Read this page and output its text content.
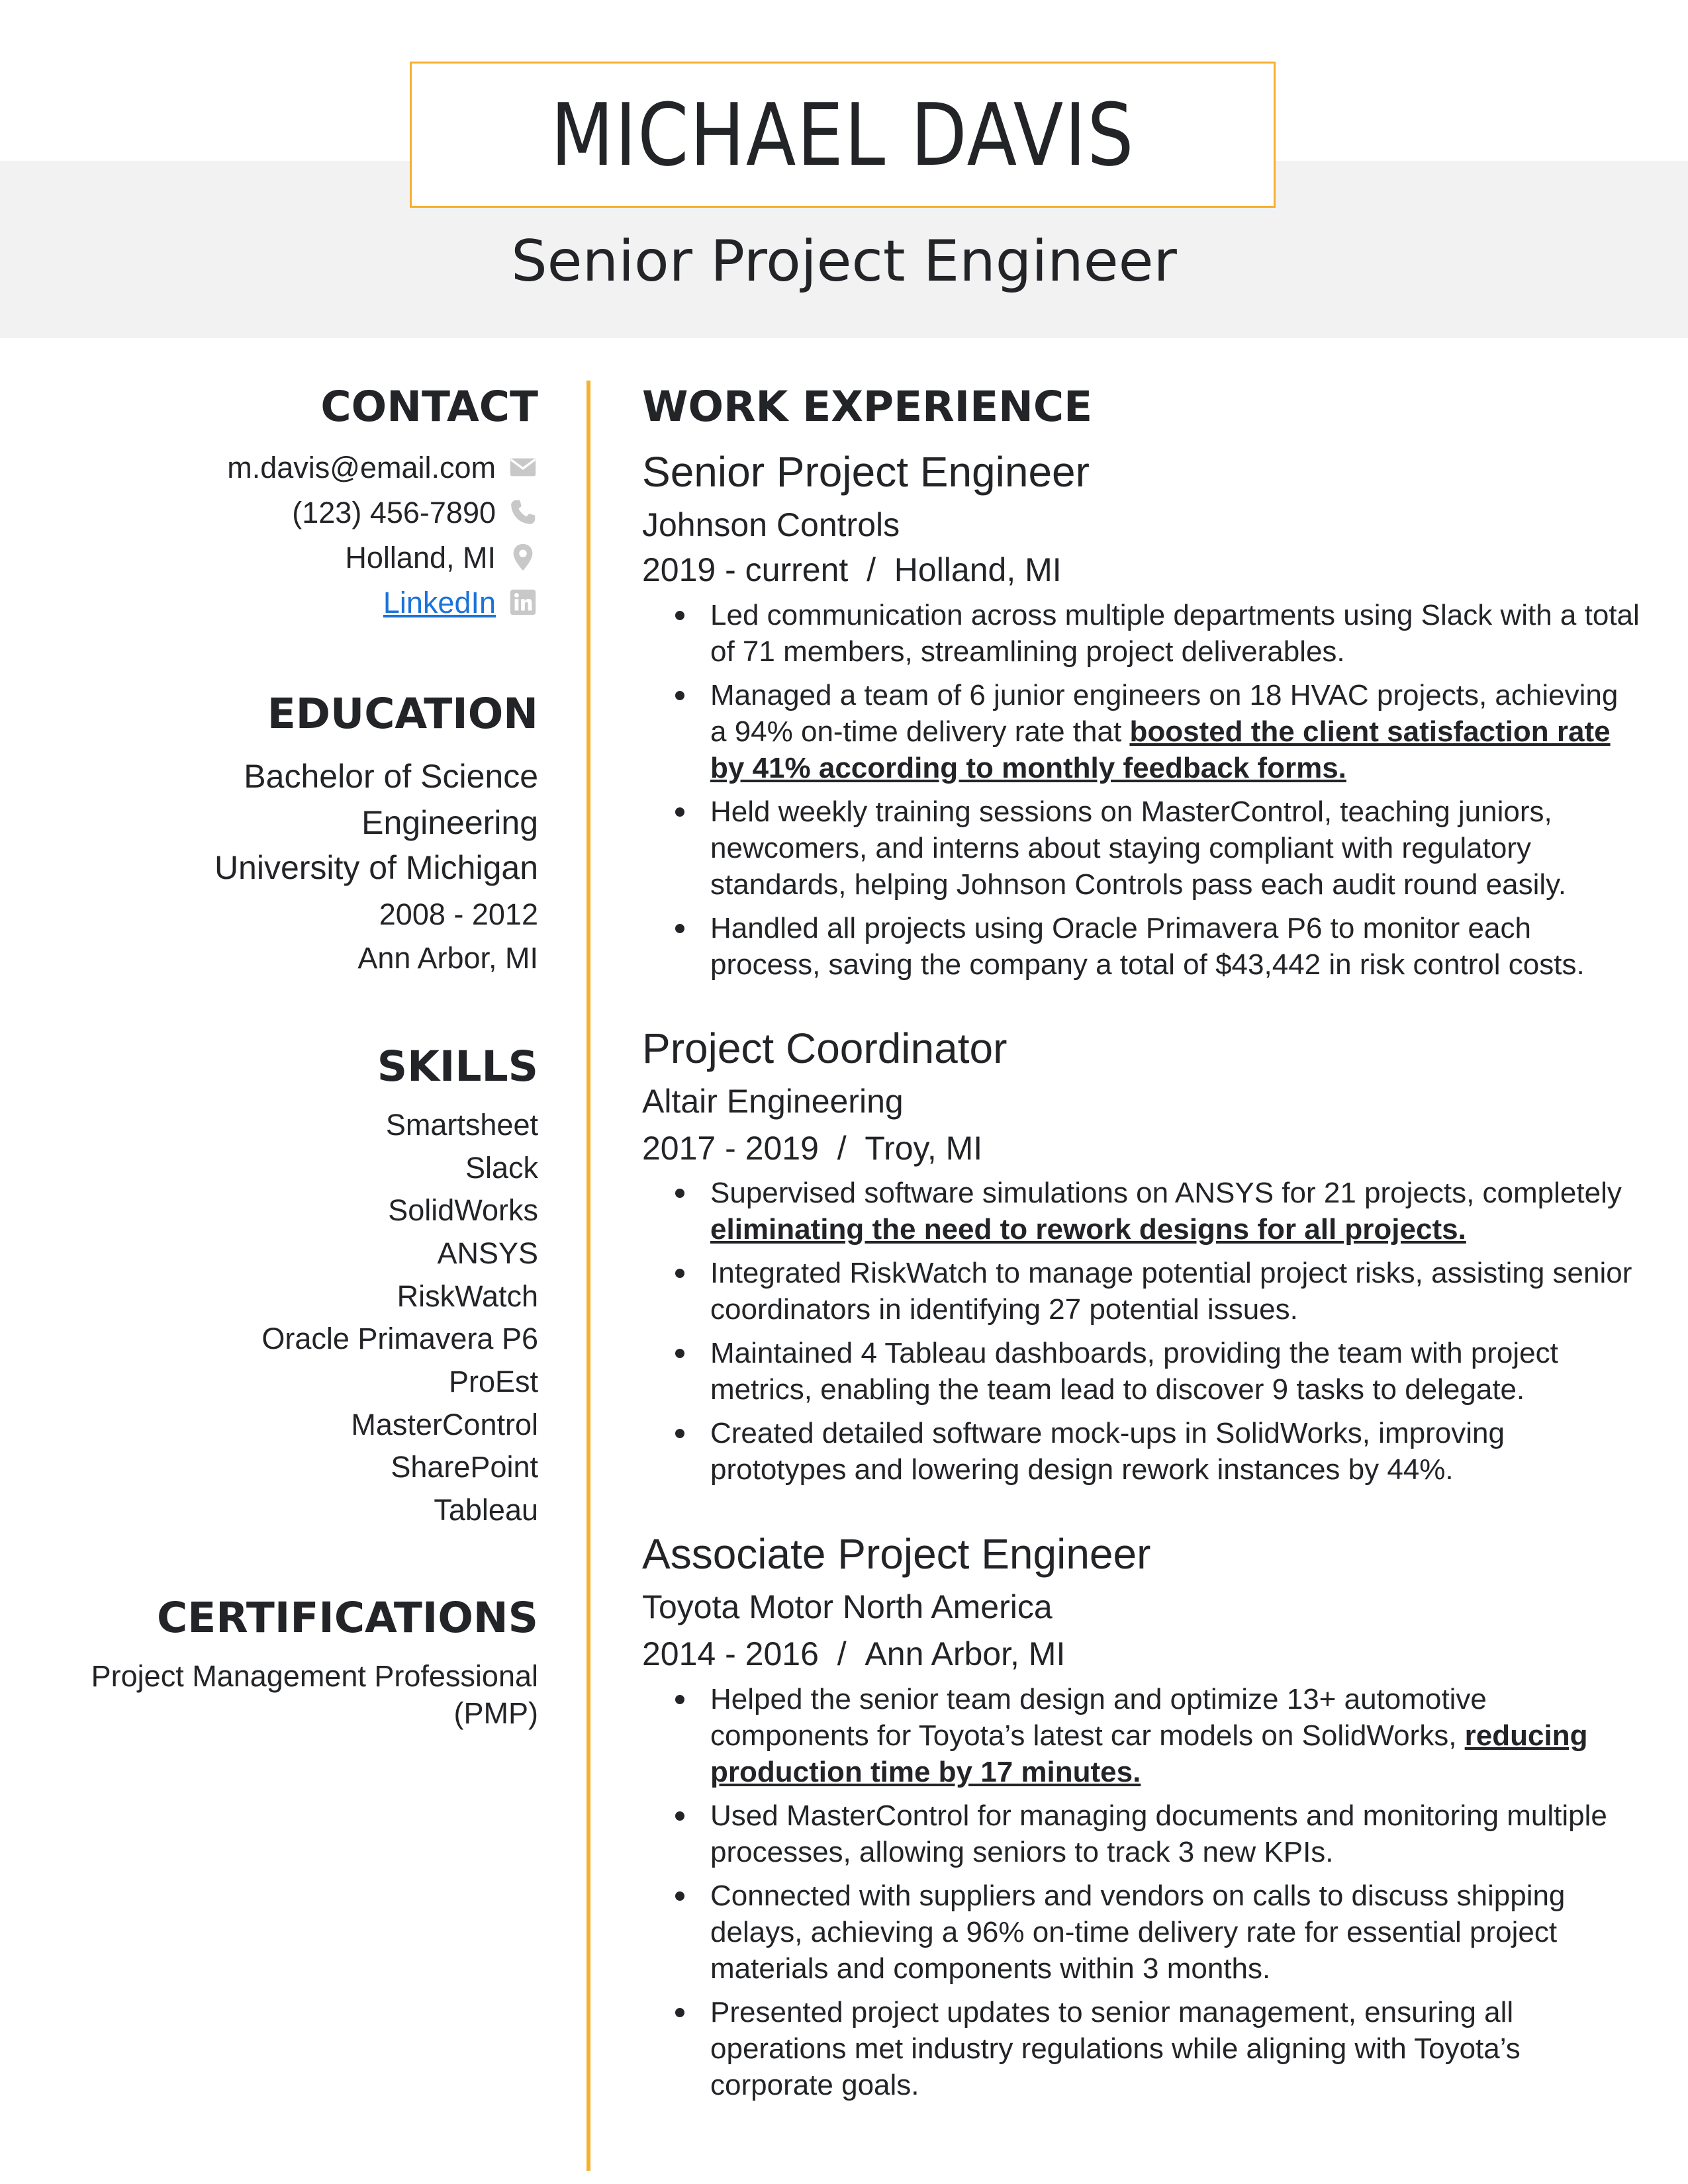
MICHAEL DAVIS
Senior Project Engineer
CONTACT
m.davis@email.com
(123) 456-7890
Holland, MI
LinkedIn
EDUCATION
Bachelor of Science
Engineering
University of Michigan
2008 - 2012
Ann Arbor, MI
SKILLS
Smartsheet
Slack
SolidWorks
ANSYS
RiskWatch
Oracle Primavera P6
ProEst
MasterControl
SharePoint
Tableau
CERTIFICATIONS
Project Management Professional
(PMP)
WORK EXPERIENCE
Senior Project Engineer
Johnson Controls
2019 - current / Holland, MI
Led communication across multiple departments using Slack with a total of 71 members, streamlining project deliverables.
Managed a team of 6 junior engineers on 18 HVAC projects, achieving a 94% on-time delivery rate that boosted the client satisfaction rate by 41% according to monthly feedback forms.
Held weekly training sessions on MasterControl, teaching juniors, newcomers, and interns about staying compliant with regulatory standards, helping Johnson Controls pass each audit round easily.
Handled all projects using Oracle Primavera P6 to monitor each process, saving the company a total of $43,442 in risk control costs.
Project Coordinator
Altair Engineering
2017 - 2019 / Troy, MI
Supervised software simulations on ANSYS for 21 projects, completely eliminating the need to rework designs for all projects.
Integrated RiskWatch to manage potential project risks, assisting senior coordinators in identifying 27 potential issues.
Maintained 4 Tableau dashboards, providing the team with project metrics, enabling the team lead to discover 9 tasks to delegate.
Created detailed software mock-ups in SolidWorks, improving prototypes and lowering design rework instances by 44%.
Associate Project Engineer
Toyota Motor North America
2014 - 2016 / Ann Arbor, MI
Helped the senior team design and optimize 13+ automotive components for Toyota’s latest car models on SolidWorks, reducing production time by 17 minutes.
Used MasterControl for managing documents and monitoring multiple processes, allowing seniors to track 3 new KPIs.
Connected with suppliers and vendors on calls to discuss shipping delays, achieving a 96% on-time delivery rate for essential project materials and components within 3 months.
Presented project updates to senior management, ensuring all operations met industry regulations while aligning with Toyota’s corporate goals.
